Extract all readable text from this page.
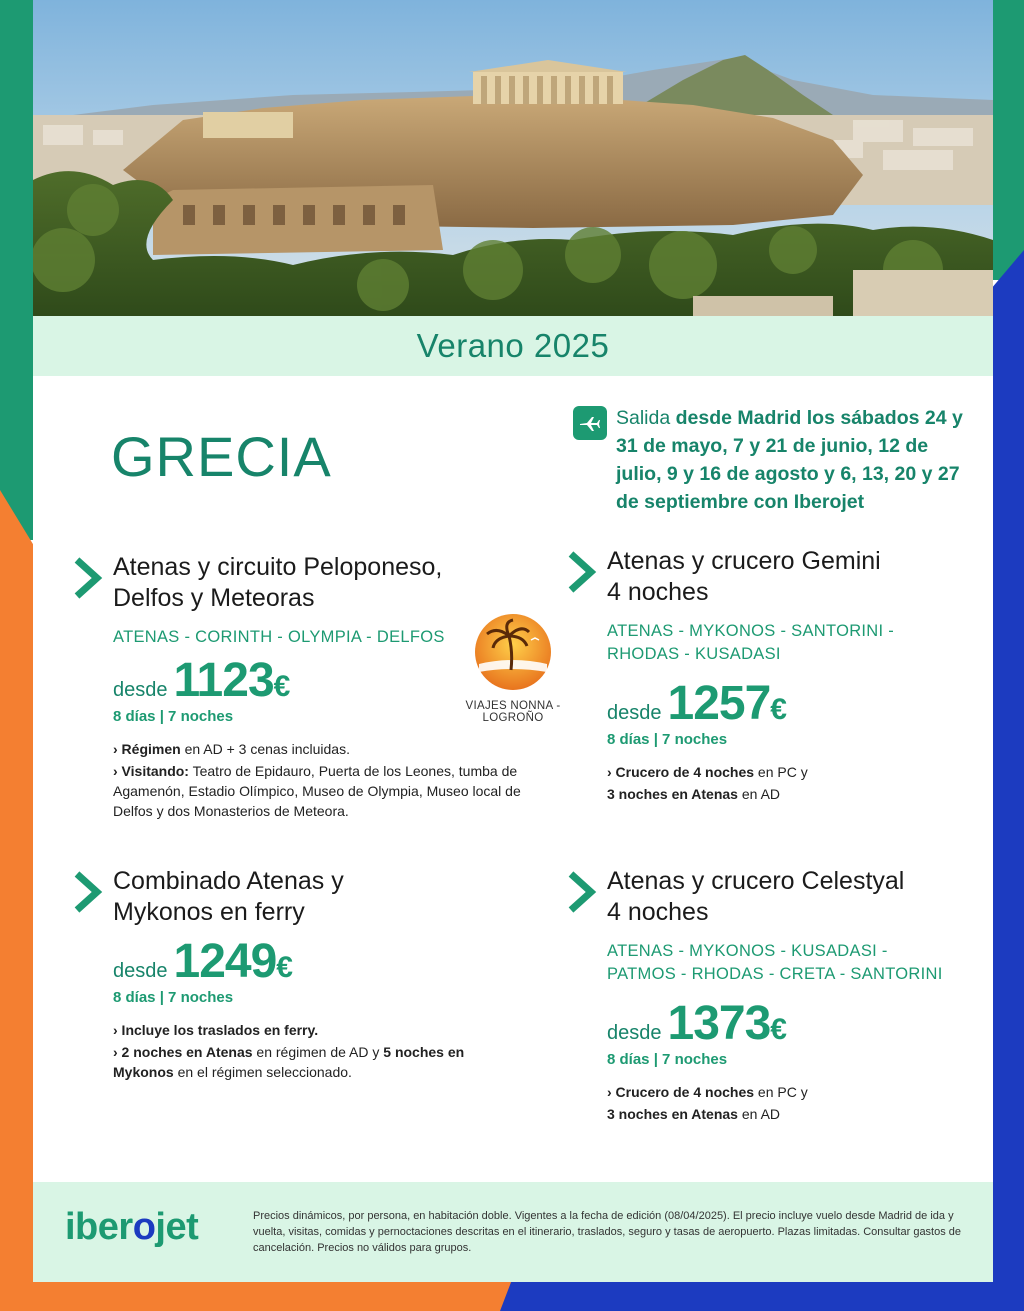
Verano 2025
GRECIA
Salida desde Madrid los sábados 24 y 31 de mayo, 7 y 21 de junio, 12 de julio, 9 y 16 de agosto y 6, 13, 20 y 27 de septiembre con Iberojet
Atenas y circuito Peloponeso,
Delfos y Meteoras
ATENAS - CORINTH - OLYMPIA - DELFOS
desde 1123 €
8 días | 7 noches

› Régimen en AD + 3 cenas incluidas.

› Visitando: Teatro de Epidauro, Puerta de los Leones, tumba de Agamenón, Estadio Olímpico, Museo de Olympia, Museo local de Delfos y dos Monasterios de Meteora.

VIAJES NONNA - LOGROÑO
Atenas y crucero Gemini
4 noches
ATENAS - MYKONOS - SANTORINI - RHODAS - KUSADASI
desde 1257 €
8 días | 7 noches

› Crucero de 4 noches en PC y

3 noches en Atenas en AD

Combinado Atenas y
Mykonos en ferry
desde 1249 €
8 días | 7 noches

› Incluye los traslados en ferry.

› 2 noches en Atenas en régimen de AD y 5 noches en Mykonos en el régimen seleccionado.

Atenas y crucero Celestyal
4 noches
ATENAS - MYKONOS - KUSADASI - PATMOS - RHODAS - CRETA - SANTORINI
desde 1373 €
8 días | 7 noches

› Crucero de 4 noches en PC y

3 noches en Atenas en AD

iberojet	Precios dinámicos, por persona, en habitación doble. Vigentes a la fecha de edición (08/04/2025). El precio incluye vuelo desde Madrid de ida y vuelta, visitas, comidas y pernoctaciones descritas en el itinerario, traslados, seguro y tasas de aeropuerto. Plazas limitadas. Consultar gastos de cancelación. Precios no válidos para grupos.
